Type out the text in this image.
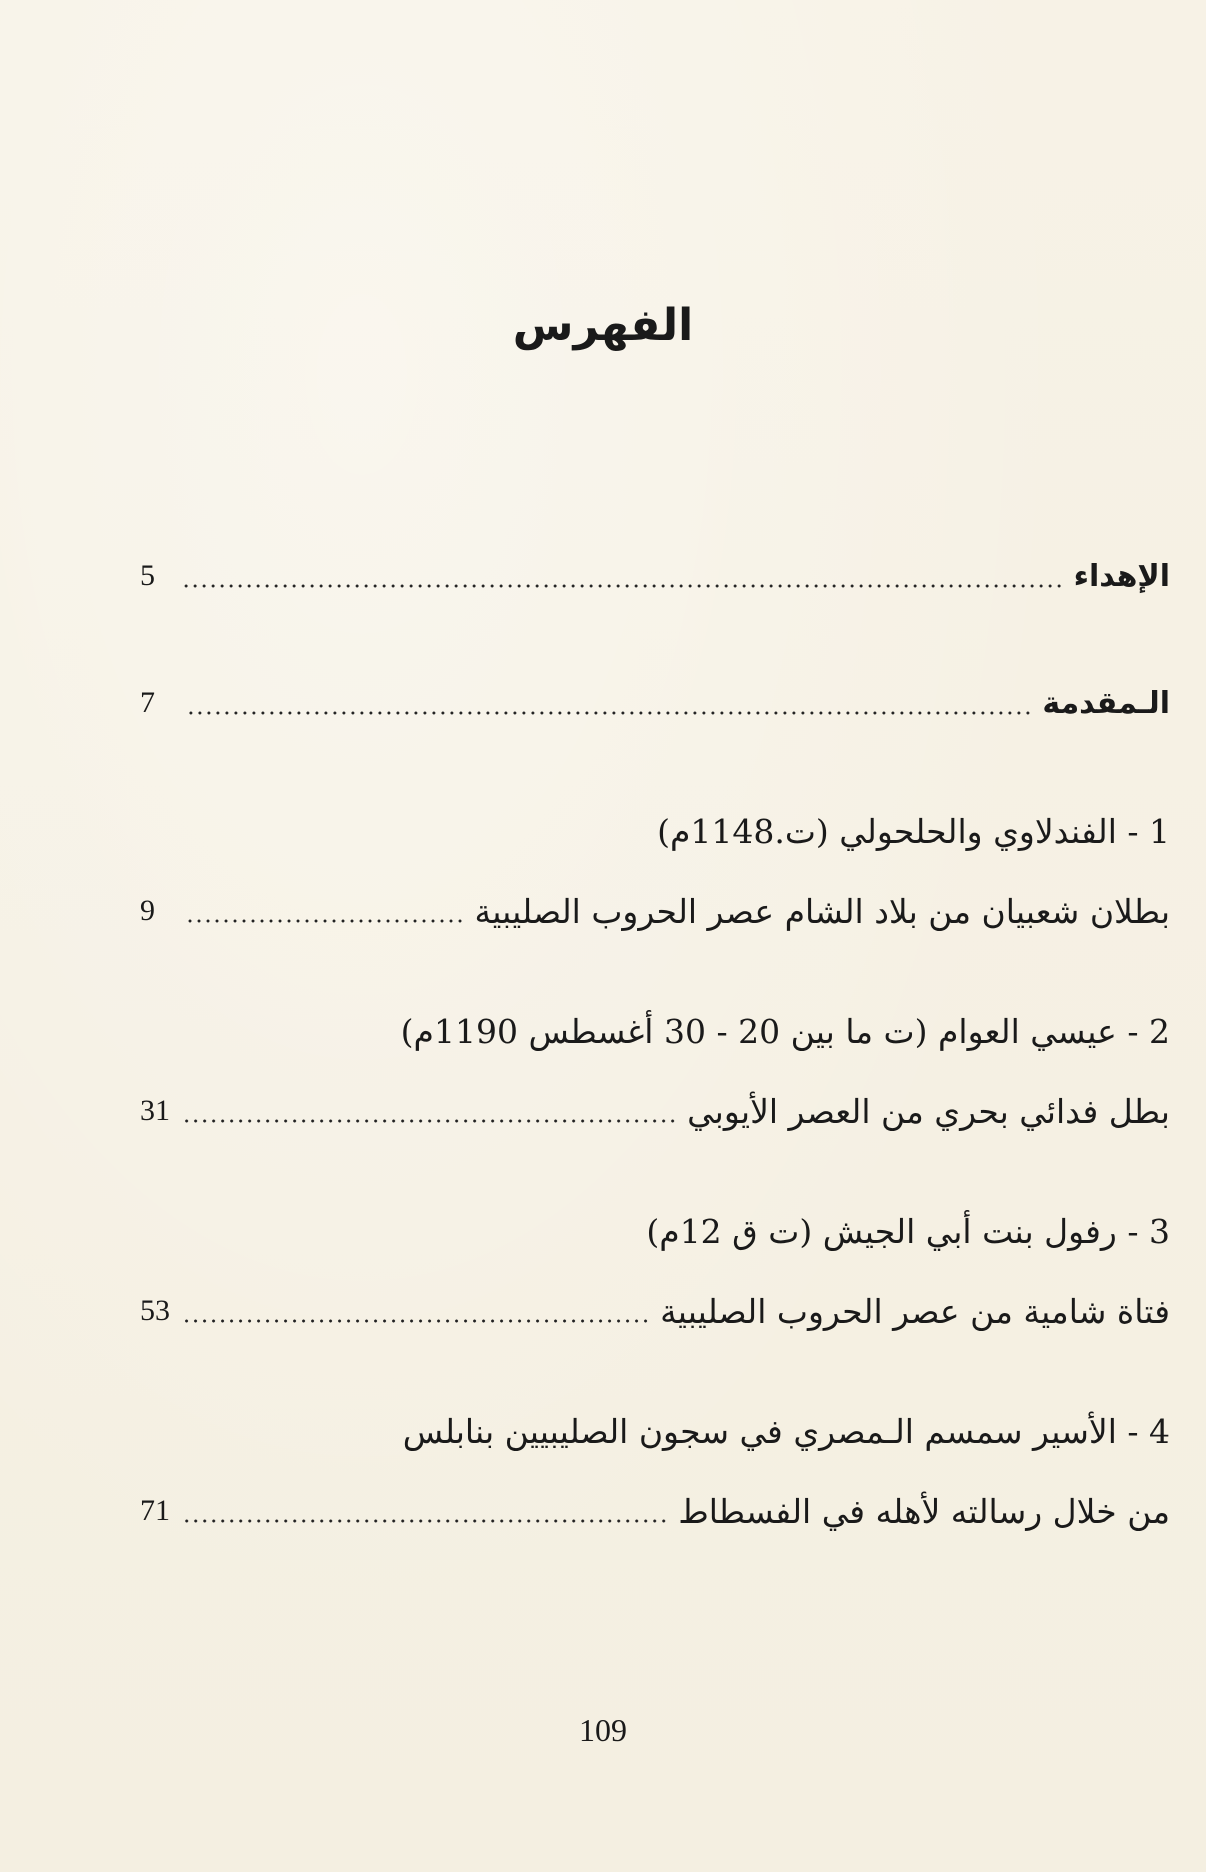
الفهرس
الإهداء
5
الـمقدمة
7
1 - الفندلاوي والحلحولي (ت.1148م)
بطلان شعبيان من بلاد الشام عصر الحروب الصليبية
9
2 - عيسي العوام (ت ما بين 20 - 30 أغسطس 1190م)
بطل فدائي بحري من العصر الأيوبي
31
3 - رفول بنت أبي الجيش (ت ق 12م)
فتاة شامية من عصر الحروب الصليبية
53
4 - الأسير سمسم الـمصري في سجون الصليبيين بنابلس
من خلال رسالته لأهله في الفسطاط
71
109
